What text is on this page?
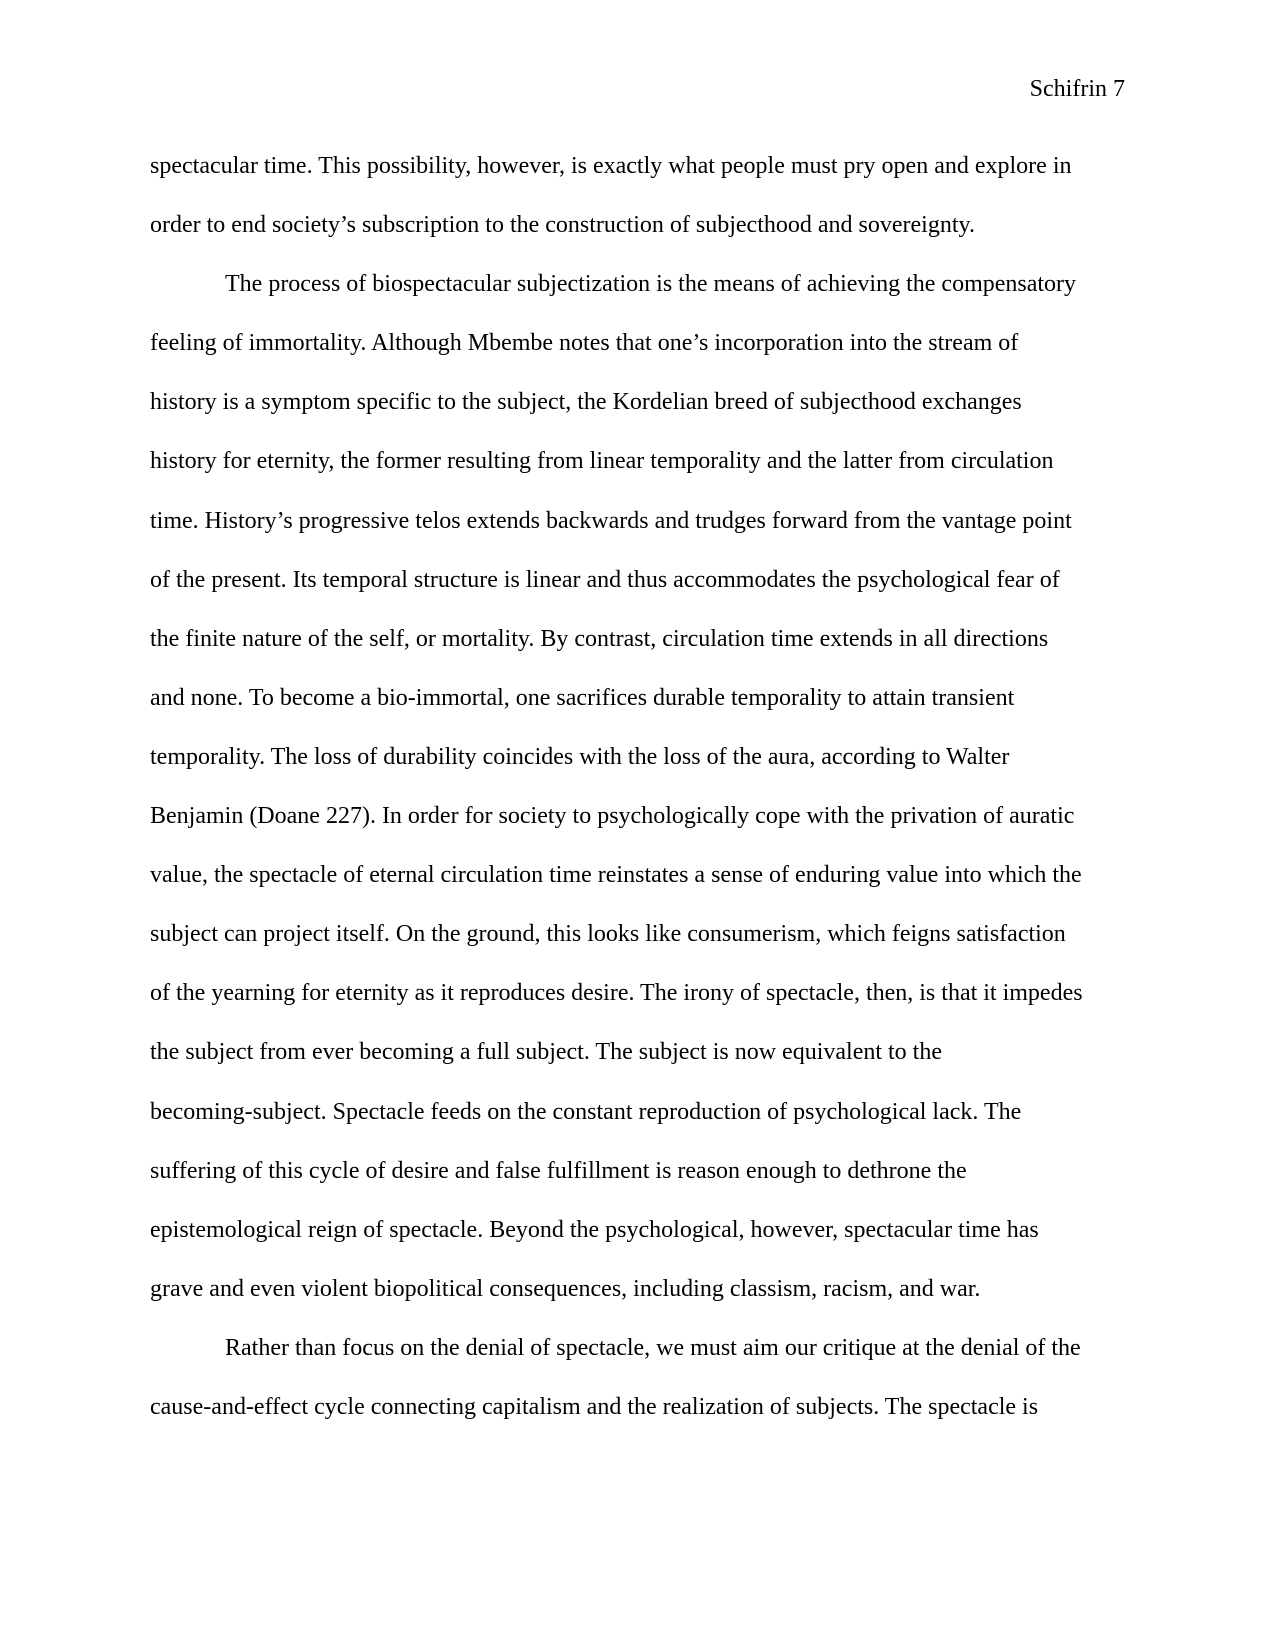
Schifrin 7
spectacular time. This possibility, however, is exactly what people must pry open and explore in
order to end society’s subscription to the construction of subjecthood and sovereignty.
The process of biospectacular subjectization is the means of achieving the compensatory
feeling of immortality. Although Mbembe notes that one’s incorporation into the stream of
history is a symptom specific to the subject, the Kordelian breed of subjecthood exchanges
history for eternity, the former resulting from linear temporality and the latter from circulation
time. History’s progressive telos extends backwards and trudges forward from the vantage point
of the present. Its temporal structure is linear and thus accommodates the psychological fear of
the finite nature of the self, or mortality. By contrast, circulation time extends in all directions
and none. To become a bio-immortal, one sacrifices durable temporality to attain transient
temporality. The loss of durability coincides with the loss of the aura, according to Walter
Benjamin (Doane 227). In order for society to psychologically cope with the privation of auratic
value, the spectacle of eternal circulation time reinstates a sense of enduring value into which the
subject can project itself. On the ground, this looks like consumerism, which feigns satisfaction
of the yearning for eternity as it reproduces desire. The irony of spectacle, then, is that it impedes
the subject from ever becoming a full subject. The subject is now equivalent to the
becoming-subject. Spectacle feeds on the constant reproduction of psychological lack. The
suffering of this cycle of desire and false fulfillment is reason enough to dethrone the
epistemological reign of spectacle. Beyond the psychological, however, spectacular time has
grave and even violent biopolitical consequences, including classism, racism, and war.
Rather than focus on the denial of spectacle, we must aim our critique at the denial of the
cause-and-effect cycle connecting capitalism and the realization of subjects. The spectacle is
